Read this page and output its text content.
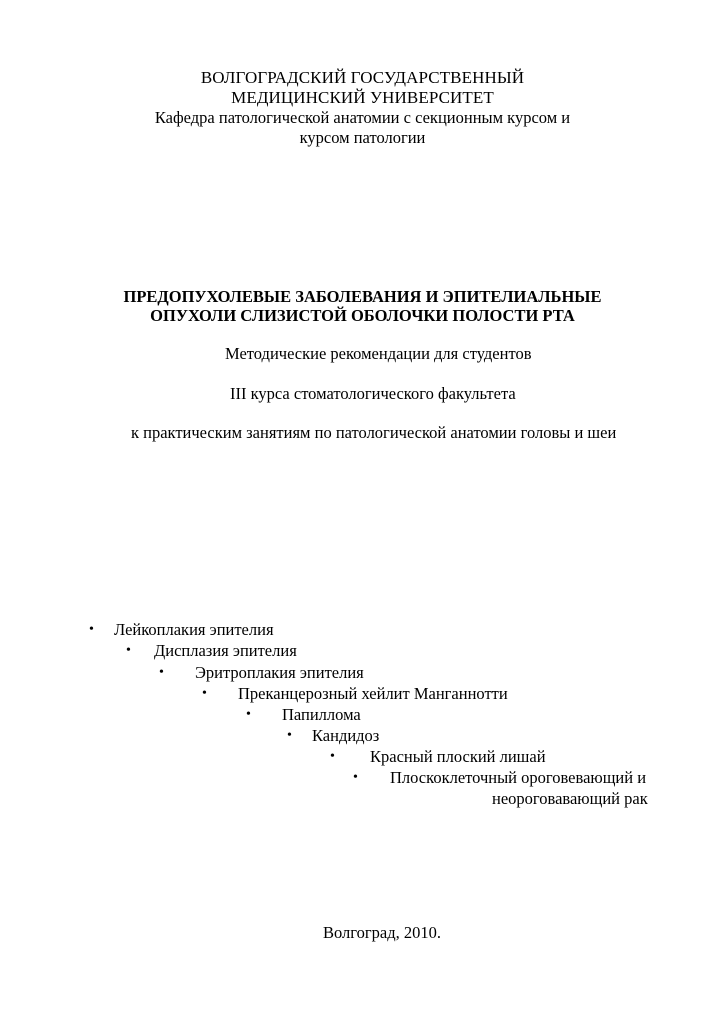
ВОЛГОГРАДСКИЙ ГОСУДАРСТВЕННЫЙ
МЕДИЦИНСКИЙ УНИВЕРСИТЕТ
Кафедра патологической анатомии с секционным курсом и
курсом патологии
ПРЕДОПУХОЛЕВЫЕ ЗАБОЛЕВАНИЯ И ЭПИТЕЛИАЛЬНЫЕ
ОПУХОЛИ СЛИЗИСТОЙ ОБОЛОЧКИ ПОЛОСТИ РТА
Методические рекомендации для студентов
III курса стоматологического факультета
к практическим занятиям по патологической анатомии головы и шеи
• Лейкоплакия эпителия
• Дисплазия эпителия
• Эритроплакия эпителия
• Преканцерозный хейлит Манганнотти
• Папиллома
• Кандидоз
• Красный плоский лишай
• Плоскоклеточный ороговевающий и
неороговавающий рак
Волгоград, 2010.
